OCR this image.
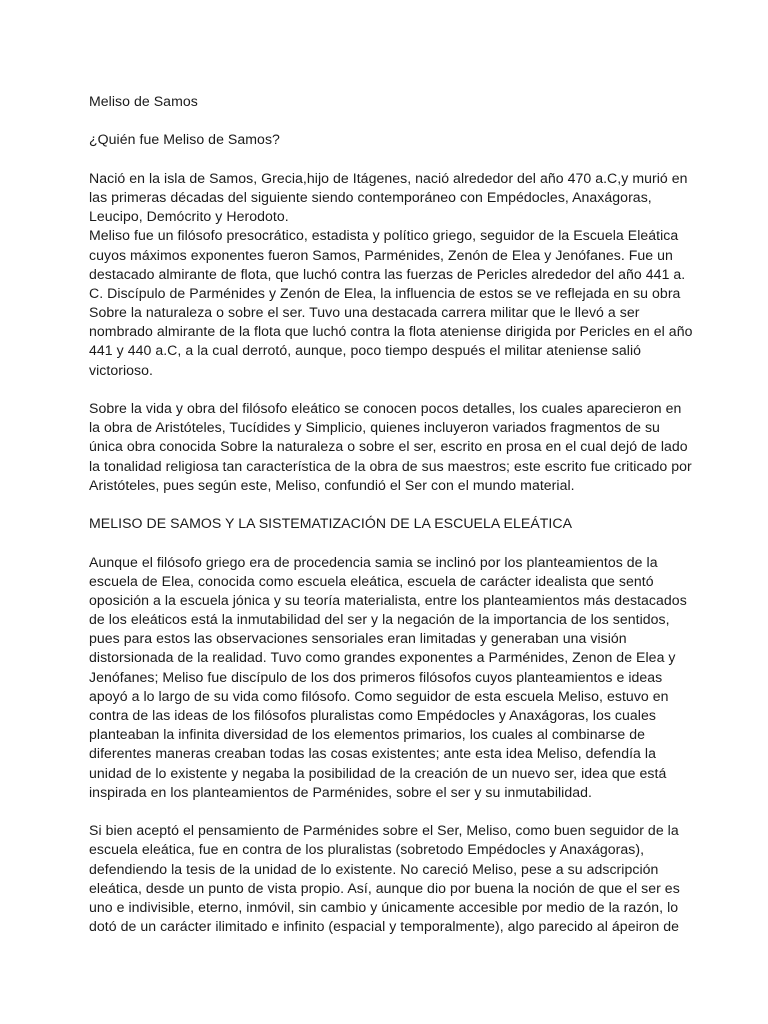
Meliso de Samos
¿Quién fue Meliso de Samos?
Nació en la isla de Samos, Grecia,hijo de Itágenes, nació alrededor del año 470 a.C,y murió en
las primeras décadas del siguiente siendo contemporáneo con Empédocles, Anaxágoras,
Leucipo, Demócrito y Herodoto.
Meliso fue un filósofo presocrático, estadista y político griego, seguidor de la Escuela Eleática
cuyos máximos exponentes fueron Samos, Parménides, Zenón de Elea y Jenófanes. Fue un
destacado almirante de flota, que luchó contra las fuerzas de Pericles alrededor del año 441 a.
C. Discípulo de Parménides y Zenón de Elea, la influencia de estos se ve reflejada en su obra
Sobre la naturaleza o sobre el ser. Tuvo una destacada carrera militar que le llevó a ser
nombrado almirante de la flota que luchó contra la flota ateniense dirigida por Pericles en el año
441 y 440 a.C, a la cual derrotó, aunque, poco tiempo después el militar ateniense salió
victorioso.
Sobre la vida y obra del filósofo eleático se conocen pocos detalles, los cuales aparecieron en
la obra de Aristóteles, Tucídides y Simplicio, quienes incluyeron variados fragmentos de su
única obra conocida Sobre la naturaleza o sobre el ser, escrito en prosa en el cual dejó de lado
la tonalidad religiosa tan característica de la obra de sus maestros; este escrito fue criticado por
Aristóteles, pues según este, Meliso, confundió el Ser con el mundo material.
MELISO DE SAMOS Y LA SISTEMATIZACIÓN DE LA ESCUELA ELEÁTICA
Aunque el filósofo griego era de procedencia samia se inclinó por los planteamientos de la
escuela de Elea, conocida como escuela eleática, escuela de carácter idealista que sentó
oposición a la escuela jónica y su teoría materialista, entre los planteamientos más destacados
de los eleáticos está la inmutabilidad del ser y la negación de la importancia de los sentidos,
pues para estos las observaciones sensoriales eran limitadas y generaban una visión
distorsionada de la realidad. Tuvo como grandes exponentes a Parménides, Zenon de Elea y
Jenófanes; Meliso fue discípulo de los dos primeros filósofos cuyos planteamientos e ideas
apoyó a lo largo de su vida como filósofo. Como seguidor de esta escuela Meliso, estuvo en
contra de las ideas de los filósofos pluralistas como Empédocles y Anaxágoras, los cuales
planteaban la infinita diversidad de los elementos primarios, los cuales al combinarse de
diferentes maneras creaban todas las cosas existentes; ante esta idea Meliso, defendía la
unidad de lo existente y negaba la posibilidad de la creación de un nuevo ser, idea que está
inspirada en los planteamientos de Parménides, sobre el ser y su inmutabilidad.
Si bien aceptó el pensamiento de Parménides sobre el Ser, Meliso, como buen seguidor de la
escuela eleática, fue en contra de los pluralistas (sobretodo Empédocles y Anaxágoras),
defendiendo la tesis de la unidad de lo existente. No careció Meliso, pese a su adscripción
eleática, desde un punto de vista propio. Así, aunque dio por buena la noción de que el ser es
uno e indivisible, eterno, inmóvil, sin cambio y únicamente accesible por medio de la razón, lo
dotó de un carácter ilimitado e infinito (espacial y temporalmente), algo parecido al ápeiron de
